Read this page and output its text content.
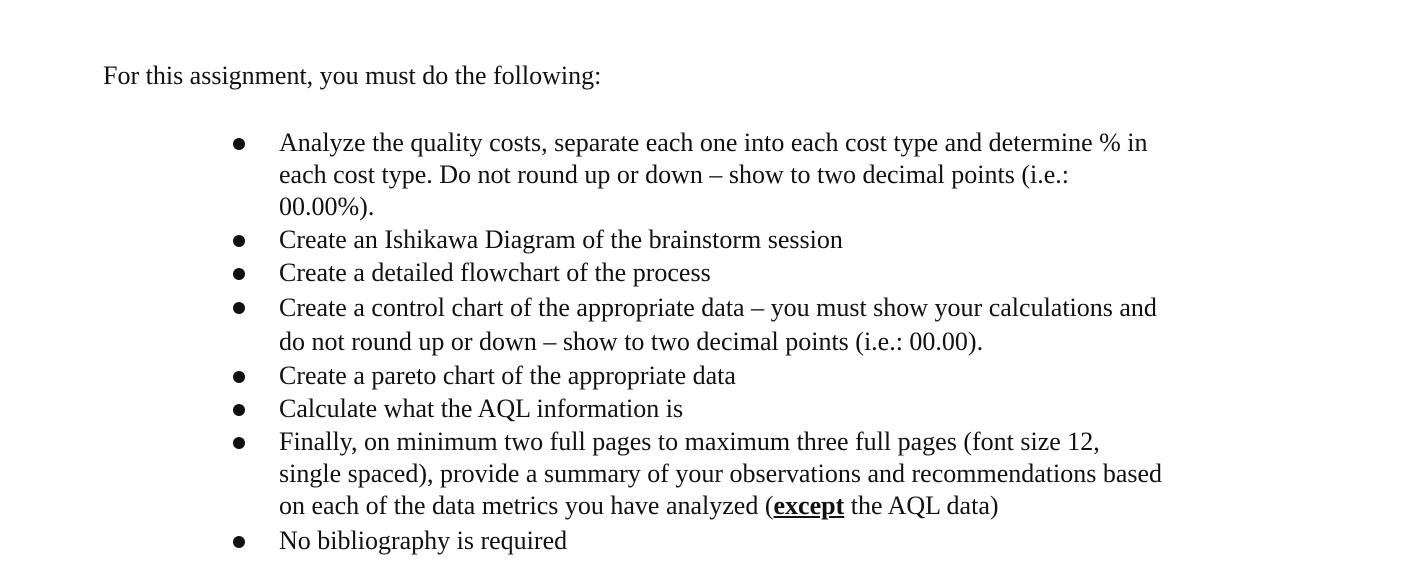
For this assignment, you must do the following:

Analyze the quality costs, separate each one into each cost type and determine % in
each cost type. Do not round up or down – show to two decimal points (i.e.:
00.00%).

Create an Ishikawa Diagram of the brainstorm session

Create a detailed flowchart of the process

Create a control chart of the appropriate data – you must show your calculations and
do not round up or down – show to two decimal points (i.e.: 00.00).

Create a pareto chart of the appropriate data

Calculate what the AQL information is

Finally, on minimum two full pages to maximum three full pages (font size 12,
single spaced), provide a summary of your observations and recommendations based
on each of the data metrics you have analyzed (except the AQL data)

No bibliography is required
